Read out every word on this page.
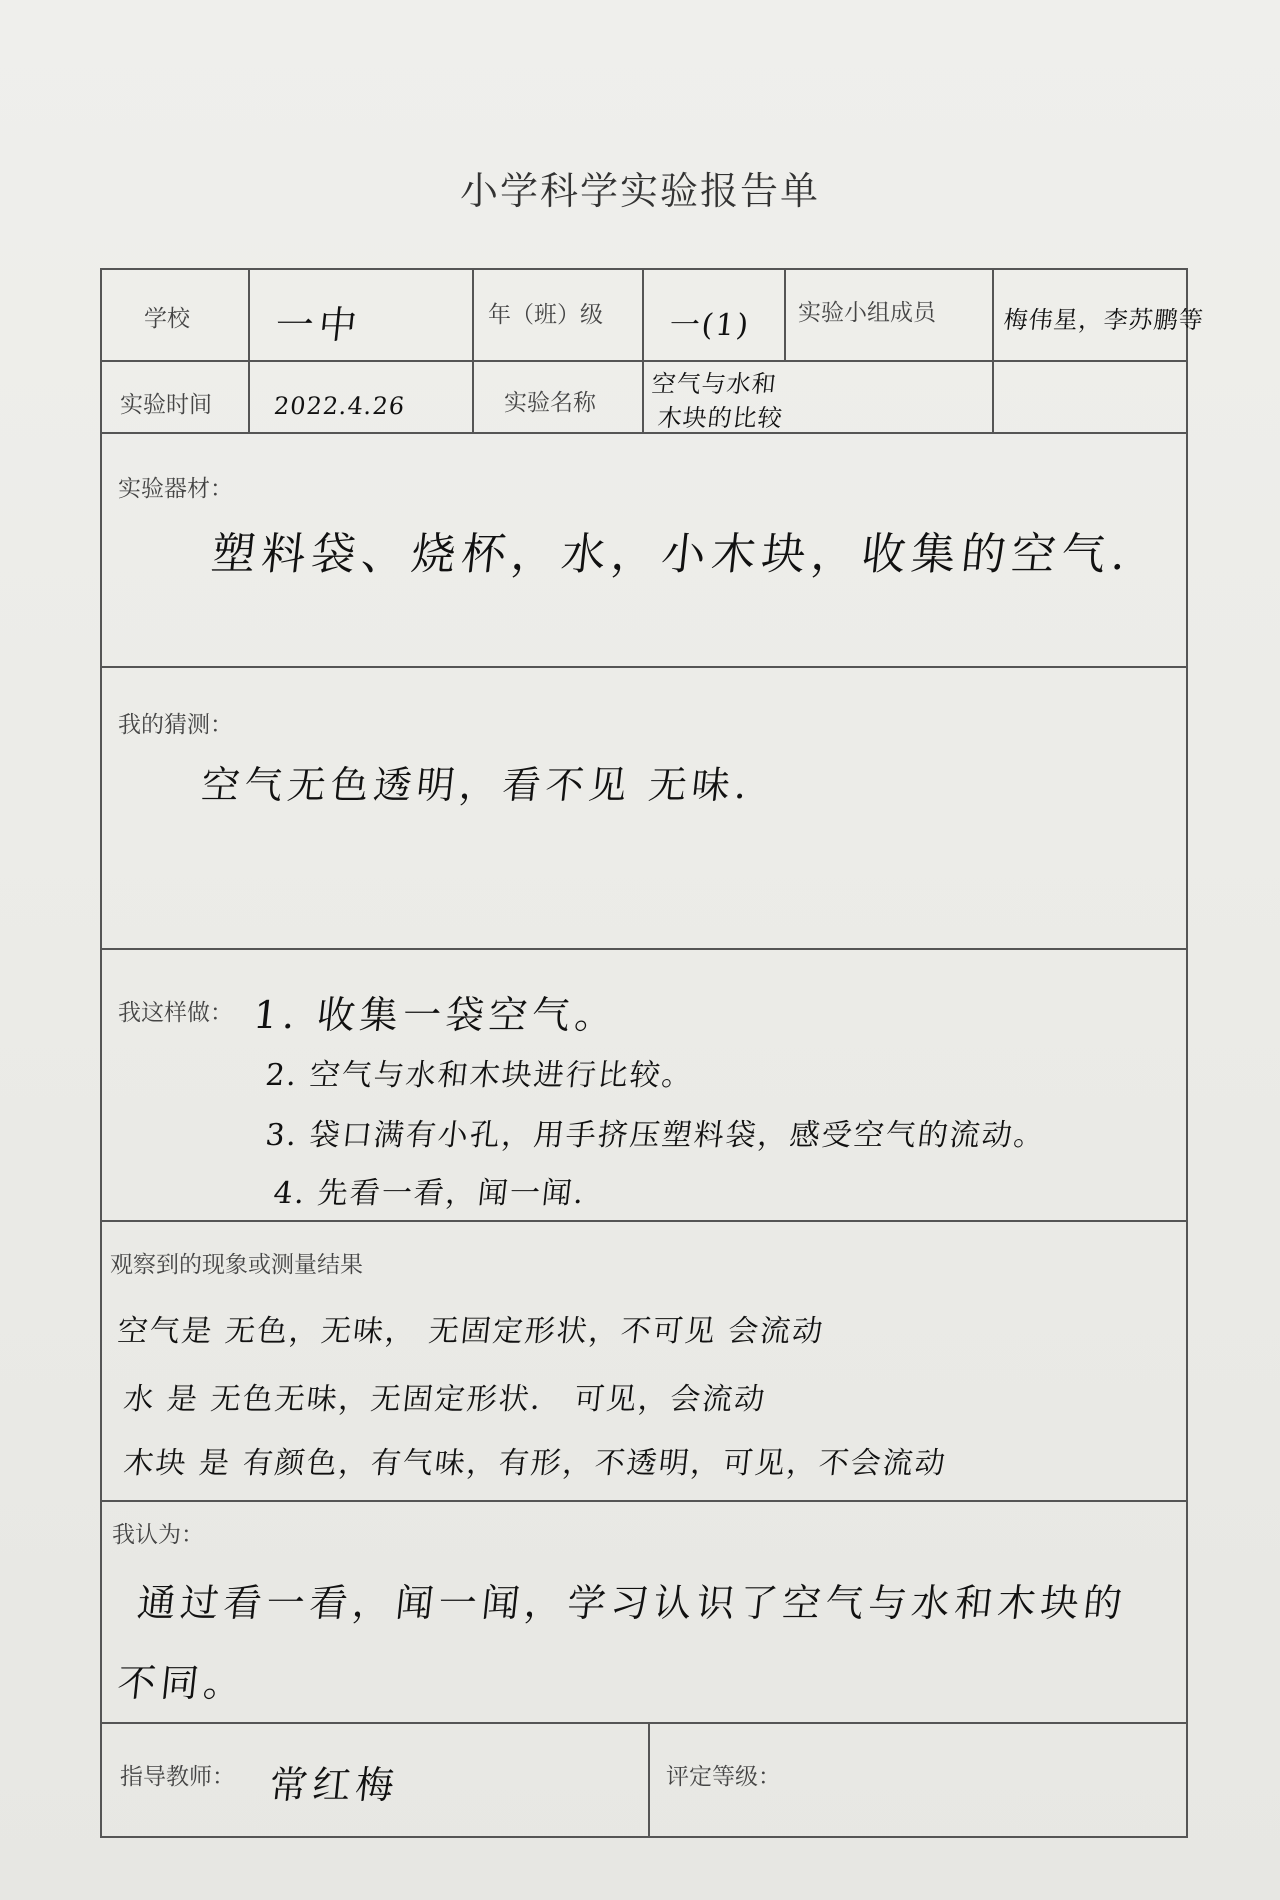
小学科学实验报告单
学校 一中	年（班）级 一(1) 实验小组成员	梅伟星，李苏鹏等
实验时间	2022.4.26	实验名称
空气与水和
木块的比较
实验器材：
塑料袋、烧杯，水，小木块，收集的空气.
我的猜测：
空气无色透明，看不见 无味.
我这样做： 1. 收集一袋空气。
2. 空气与水和木块进行比较。
3. 袋口满有小孔，用手挤压塑料袋，感受空气的流动。
4. 先看一看，闻一闻.
观察到的现象或测量结果
空气是 无色，无味， 无固定形状，不可见 会流动
水 是 无色无味，无固定形状． 可见，会流动
木块 是 有颜色，有气味，有形，不透明，可见，不会流动
我认为：
通过看一看，闻一闻，学习认识了空气与水和木块的
不同。
指导教师： 常红梅	评定等级：
